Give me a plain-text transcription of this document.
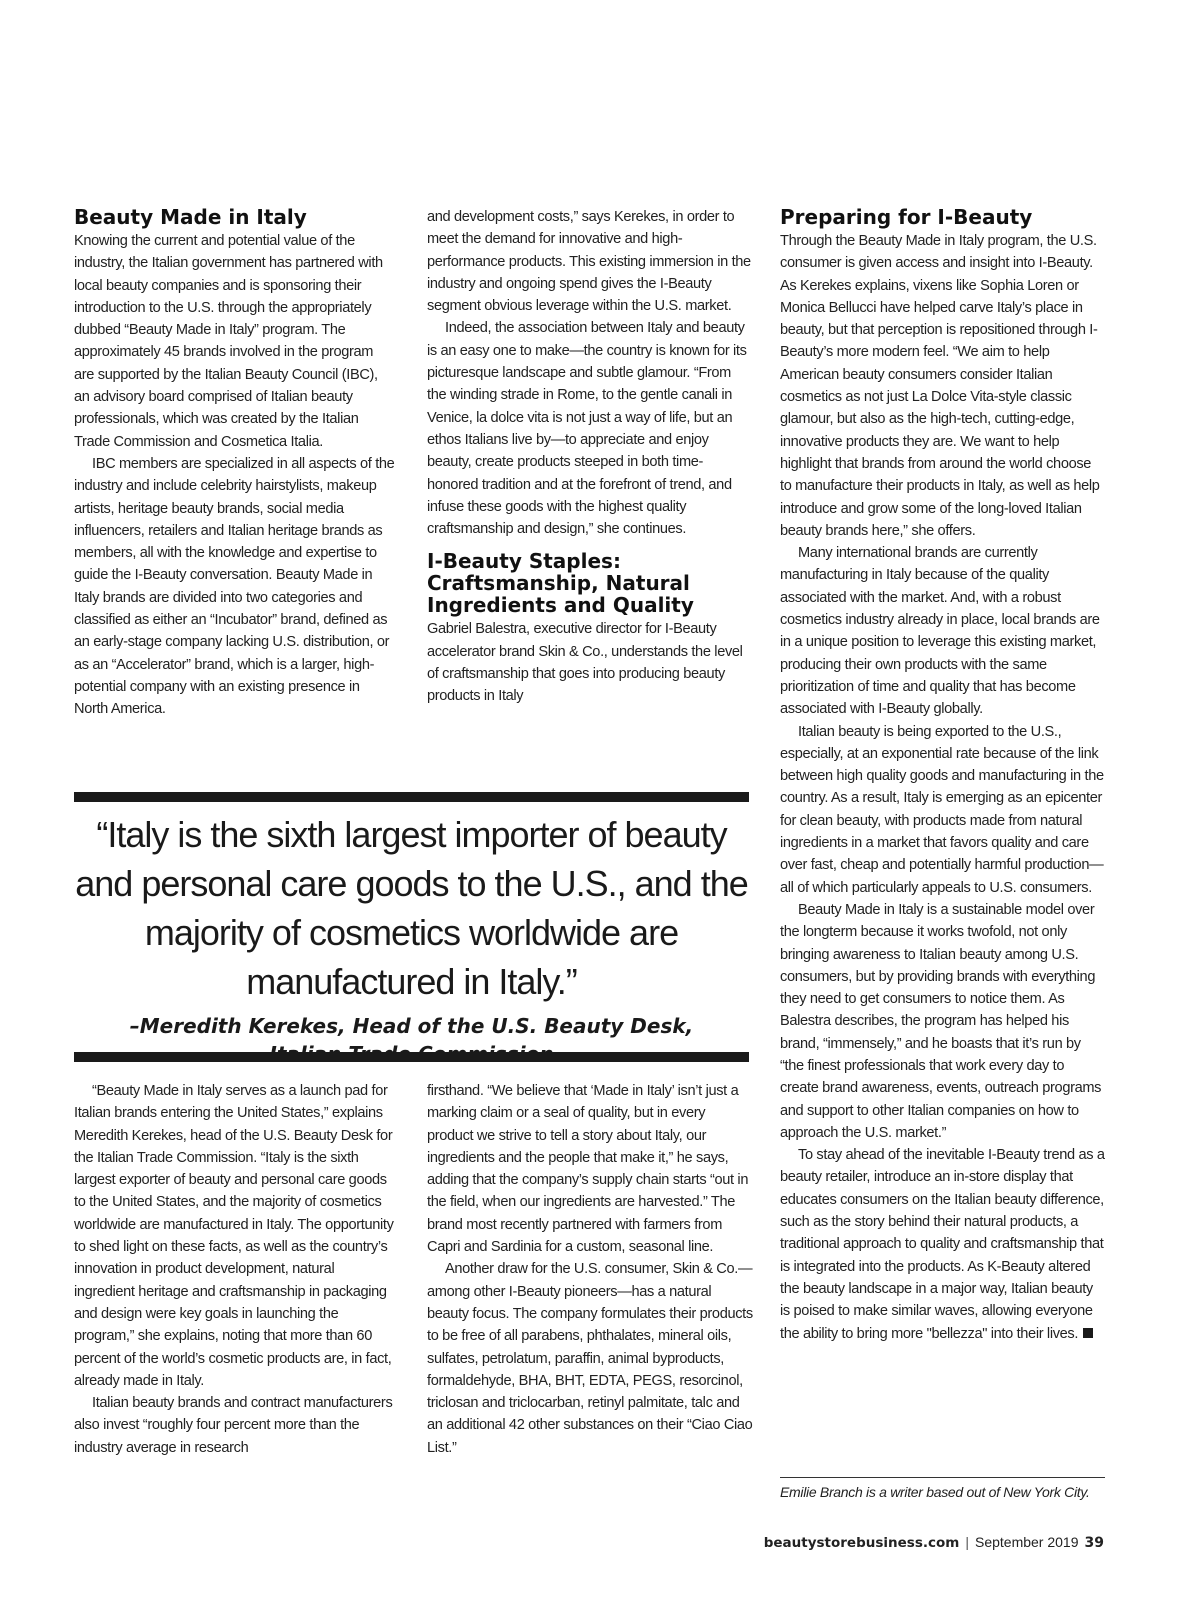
Beauty Made in Italy

Knowing the current and potential value of the industry, the Italian government has partnered with local beauty companies and is sponsoring their introduction to the U.S. through the appropriately dubbed “Beauty Made in Italy” program. The approximately 45 brands involved in the program are supported by the Italian Beauty Council (IBC), an advisory board comprised of Italian beauty professionals, which was created by the Italian Trade Commission and Cosmetica Italia.

IBC members are specialized in all aspects of the industry and include celebrity hairstylists, makeup artists, heritage beauty brands, social media influencers, retailers and Italian heritage brands as members, all with the knowledge and expertise to guide the I-Beauty conversation. Beauty Made in Italy brands are divided into two categories and classified as either an “Incubator” brand, defined as an early-stage company lacking U.S. distribution, or as an “Accelerator” brand, which is a larger, high-potential company with an existing presence in North America.

and development costs,” says Kerekes, in order to meet the demand for innovative and high-performance products. This existing immersion in the industry and ongoing spend gives the I-Beauty segment obvious leverage within the U.S. market.

Indeed, the association between Italy and beauty is an easy one to make—the country is known for its picturesque landscape and subtle glamour. “From the winding strade in Rome, to the gentle canali in Venice, la dolce vita is not just a way of life, but an ethos Italians live by—to appreciate and enjoy beauty, create products steeped in both time-honored tradition and at the forefront of trend, and infuse these goods with the highest quality craftsmanship and design,” she continues.

I-Beauty Staples: Craftsmanship, Natural Ingredients and Quality

Gabriel Balestra, executive director for I-Beauty accelerator brand Skin & Co., understands the level of craftsmanship that goes into producing beauty products in Italy

Preparing for I-Beauty

Through the Beauty Made in Italy program, the U.S. consumer is given access and insight into I-Beauty. As Kerekes explains, vixens like Sophia Loren or Monica Bellucci have helped carve Italy’s place in beauty, but that perception is repositioned through I-Beauty’s more modern feel. “We aim to help American beauty consumers consider Italian cosmetics as not just La Dolce Vita-style classic glamour, but also as the high-tech, cutting-edge, innovative products they are. We want to help highlight that brands from around the world choose to manufacture their products in Italy, as well as help introduce and grow some of the long-loved Italian beauty brands here,” she offers.

Many international brands are currently manufacturing in Italy because of the quality associated with the market. And, with a robust cosmetics industry already in place, local brands are in a unique position to leverage this existing market, producing their own products with the same prioritization of time and quality that has become associated with I-Beauty globally.

Italian beauty is being exported to the U.S., especially, at an exponential rate because of the link between high quality goods and manufacturing in the country. As a result, Italy is emerging as an epicenter for clean beauty, with products made from natural ingredients in a market that favors quality and care over fast, cheap and potentially harmful production—all of which particularly appeals to U.S. consumers.

Beauty Made in Italy is a sustainable model over the longterm because it works twofold, not only bringing awareness to Italian beauty among U.S. consumers, but by providing brands with everything they need to get consumers to notice them. As Balestra describes, the program has helped his brand, “immensely,” and he boasts that it’s run by “the finest professionals that work every day to create brand awareness, events, outreach programs and support to other Italian companies on how to approach the U.S. market.”

To stay ahead of the inevitable I-Beauty trend as a beauty retailer, introduce an in-store display that educates consumers on the Italian beauty difference, such as the story behind their natural products, a traditional approach to quality and craftsmanship that is integrated into the products. As K-Beauty altered the beauty landscape in a major way, Italian beauty is poised to make similar waves, allowing everyone the ability to bring more "bellezza" into their lives.

“Italy is the sixth largest importer of beauty and personal care goods to the U.S., and the majority of cosmetics worldwide are manufactured in Italy.”

–Meredith Kerekes, Head of the U.S. Beauty Desk,

“Beauty Made in Italy serves as a launch pad for Italian brands entering the United States,” explains Meredith Kerekes, head of the U.S. Beauty Desk for the Italian Trade Commission. “Italy is the sixth largest exporter of beauty and personal care goods to the United States, and the majority of cosmetics worldwide are manufactured in Italy. The opportunity to shed light on these facts, as well as the country’s innovation in product development, natural ingredient heritage and craftsmanship in packaging and design were key goals in launching the program,” she explains, noting that more than 60 percent of the world’s cosmetic products are, in fact, already made in Italy.

Italian beauty brands and contract manufacturers also invest “roughly four percent more than the industry average in research

firsthand. “We believe that ‘Made in Italy’ isn’t just a marking claim or a seal of quality, but in every product we strive to tell a story about Italy, our ingredients and the people that make it,” he says, adding that the company’s supply chain starts “out in the field, when our ingredients are harvested.” The brand most recently partnered with farmers from Capri and Sardinia for a custom, seasonal line.

Another draw for the U.S. consumer, Skin & Co.—among other I-Beauty pioneers—has a natural beauty focus. The company formulates their products to be free of all parabens, phthalates, mineral oils, sulfates, petrolatum, paraffin, animal byproducts, formaldehyde, BHA, BHT, EDTA, PEGS, resorcinol, triclosan and triclocarban, retinyl palmitate, talc and an additional 42 other substances on their “Ciao Ciao List.”

Emilie Branch is a writer based out of New York City.
beautystorebusiness.com | September 2019 39
